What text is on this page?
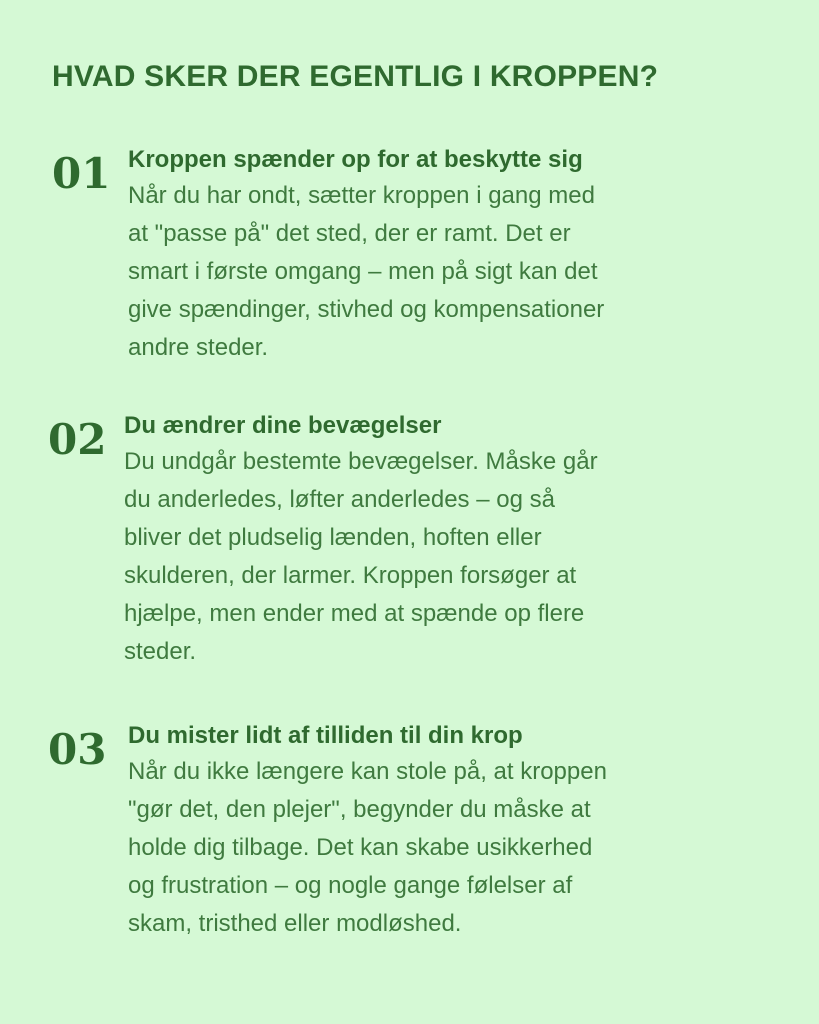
HVAD SKER DER EGENTLIG I KROPPEN?
01 Kroppen spænder op for at beskytte sig

Når du har ondt, sætter kroppen i gang med
at "passe på" det sted, der er ramt. Det er
smart i første omgang – men på sigt kan det
give spændinger, stivhed og kompensationer
andre steder.

02 Du ændrer dine bevægelser

Du undgår bestemte bevægelser. Måske går
du anderledes, løfter anderledes – og så
bliver det pludselig lænden, hoften eller
skulderen, der larmer. Kroppen forsøger at
hjælpe, men ender med at spænde op flere
steder.

03 Du mister lidt af tilliden til din krop

Når du ikke længere kan stole på, at kroppen
"gør det, den plejer", begynder du måske at
holde dig tilbage. Det kan skabe usikkerhed
og frustration – og nogle gange følelser af
skam, tristhed eller modløshed.
